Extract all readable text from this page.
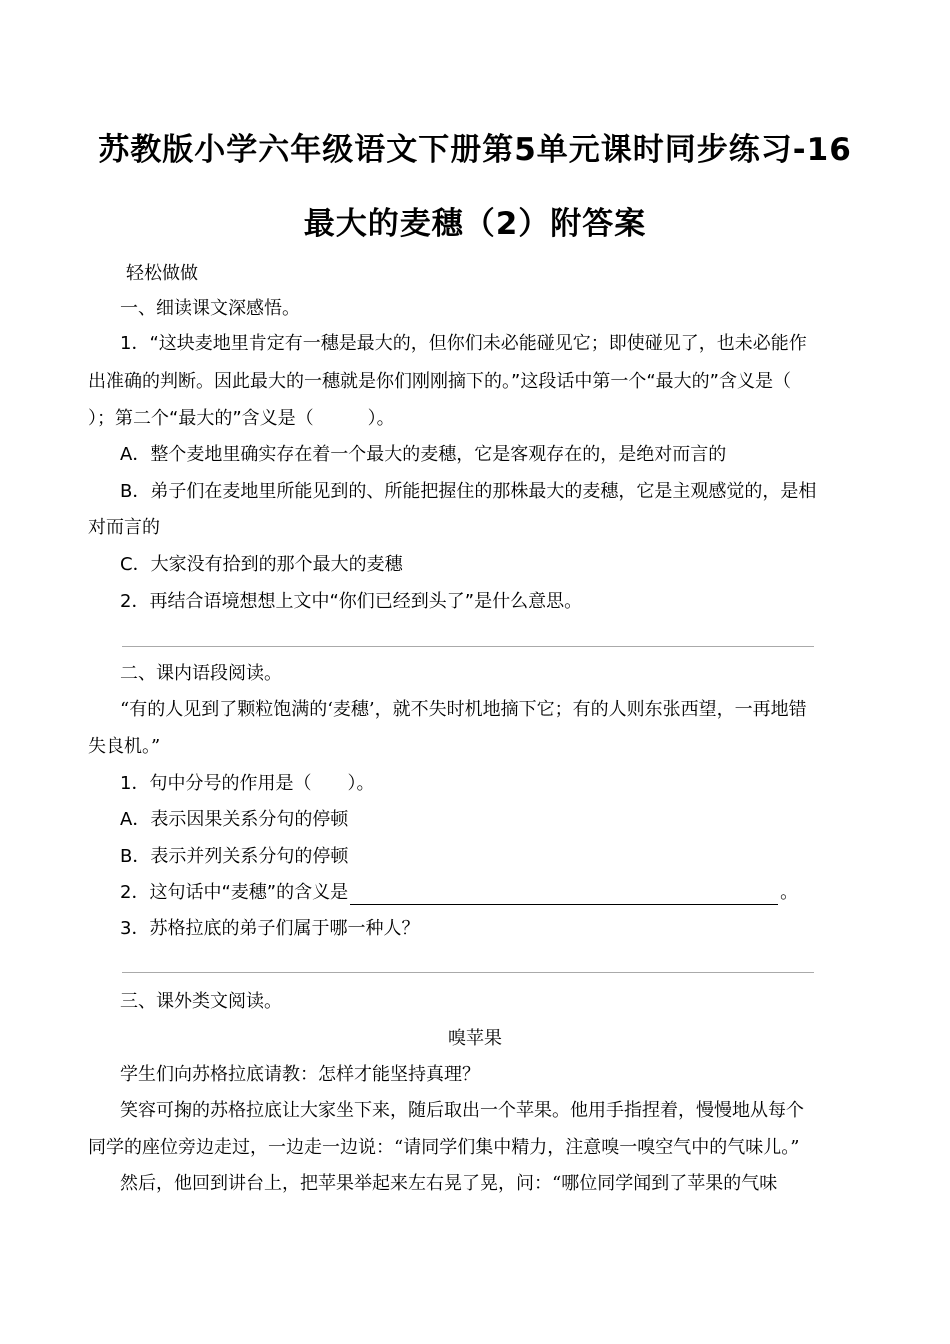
苏教版小学六年级语文下册第5单元课时同步练习-16
最大的麦穗（2）附答案
轻松做做
一、细读课文深感悟。
1．“这块麦地里肯定有一穗是最大的，但你们未必能碰见它；即使碰见了，也未必能作
出准确的判断。因此最大的一穗就是你们刚刚摘下的。”这段话中第一个“最大的”含义是（
）；第二个“最大的”含义是（　　　）。
A．整个麦地里确实存在着一个最大的麦穗，它是客观存在的，是绝对而言的
B．弟子们在麦地里所能见到的、所能把握住的那株最大的麦穗，它是主观感觉的，是相
对而言的
C．大家没有拾到的那个最大的麦穗
2．再结合语境想想上文中“你们已经到头了”是什么意思。
二、课内语段阅读。
“有的人见到了颗粒饱满的‘麦穗’，就不失时机地摘下它；有的人则东张西望，一再地错
失良机。”
1．句中分号的作用是（　　）。
A．表示因果关系分句的停顿
B．表示并列关系分句的停顿
2．这句话中“麦穗”的含义是	。
3．苏格拉底的弟子们属于哪一种人？
三、课外类文阅读。
嗅苹果
学生们向苏格拉底请教：怎样才能坚持真理？
笑容可掬的苏格拉底让大家坐下来，随后取出一个苹果。他用手指捏着，慢慢地从每个
同学的座位旁边走过，一边走一边说：“请同学们集中精力，注意嗅一嗅空气中的气味儿。”
然后，他回到讲台上，把苹果举起来左右晃了晃，问：“哪位同学闻到了苹果的气味
